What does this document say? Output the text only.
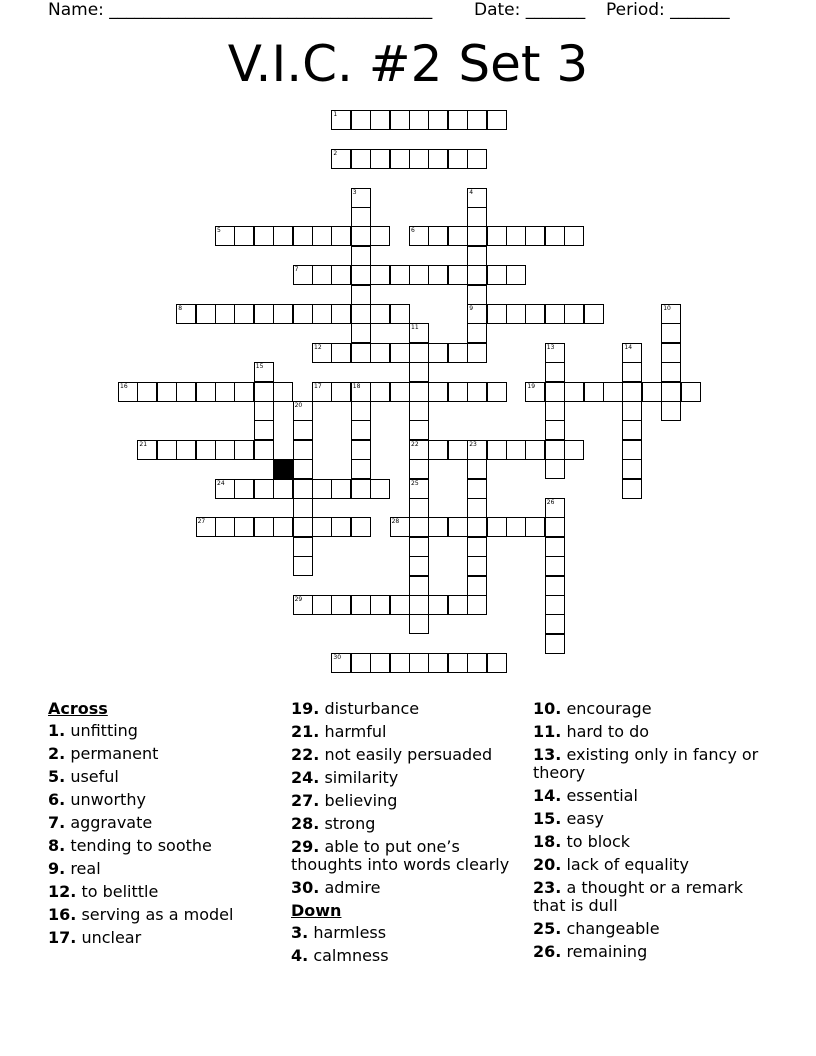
Name: ______________________________________ Date: _______ Period: _______
V.I.C. #2 Set 3
1
2
3	4
9
5	6
7
8	10
11
22
25
12	13	14
15
16	17	18	19
20
21	23
24
26
27	28
29
30
Across
1. unfitting
2. permanent
5. useful
6. unworthy
7. aggravate
8. tending to soothe
9. real
12. to belittle
16. serving as a model
17. unclear
19. disturbance
21. harmful
22. not easily persuaded
24. similarity
27. believing
28. strong
29. able to put one’s thoughts into words clearly
30. admire
Down
3. harmless
4. calmness
10. encourage
11. hard to do
13. existing only in fancy or theory
14. essential
15. easy
18. to block
20. lack of equality
23. a thought or a remark that is dull
25. changeable
26. remaining
